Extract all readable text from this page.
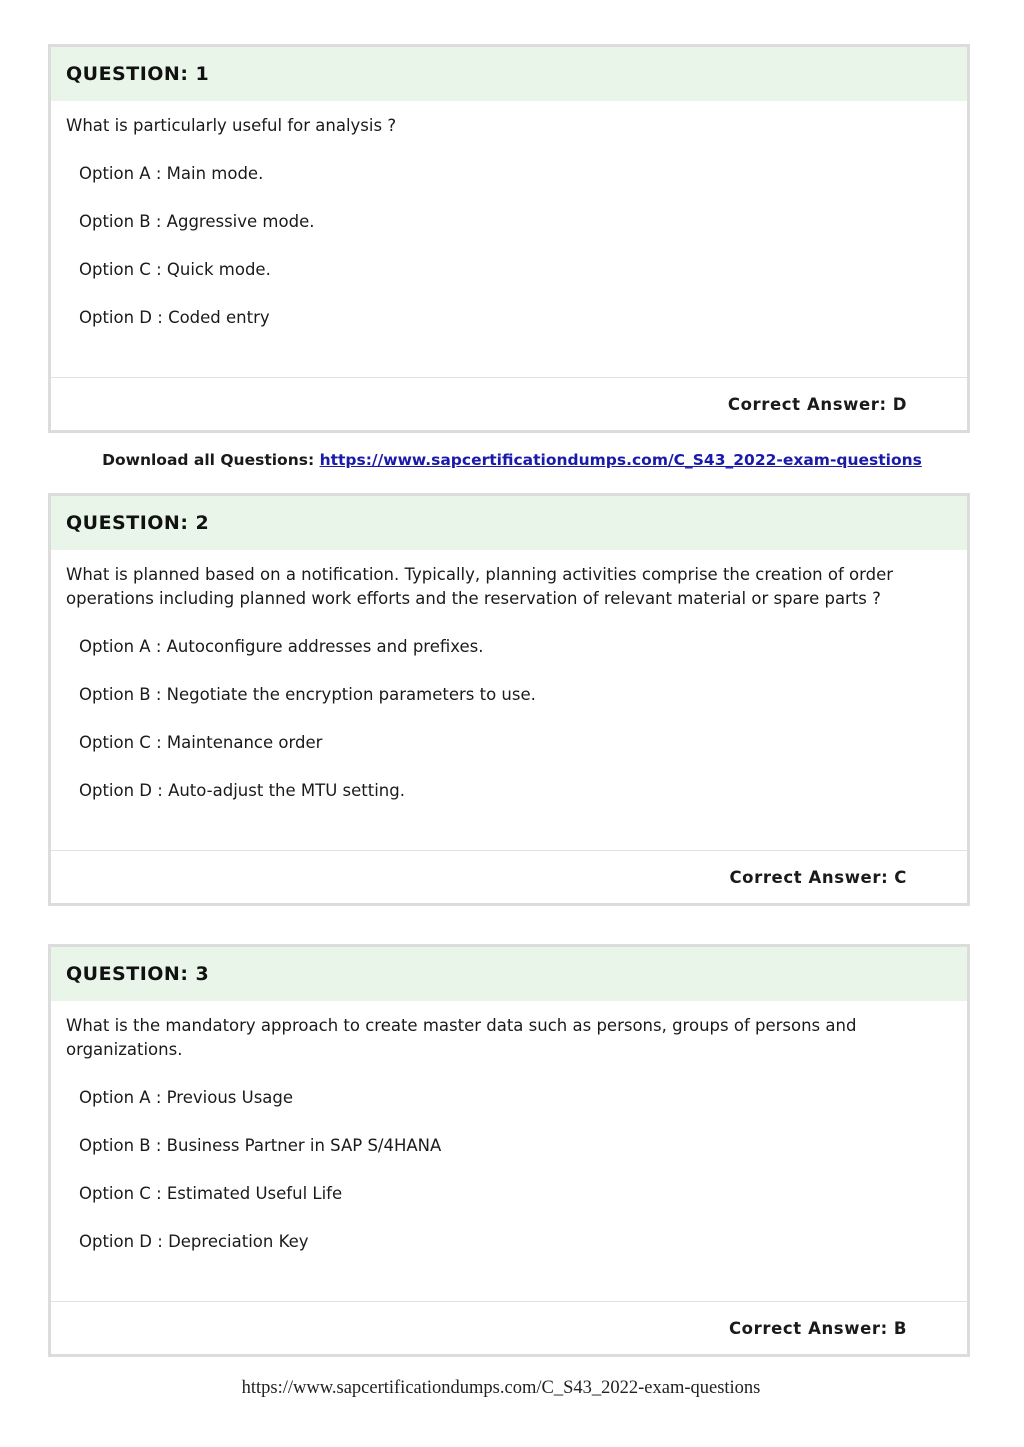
QUESTION: 1

What is particularly useful for analysis ?

Option A : Main mode.
Option B : Aggressive mode.
Option C : Quick mode.
Option D : Coded entry
Correct Answer: D
Download all Questions: https://www.sapcertificationdumps.com/C_S43_2022-exam-questions
QUESTION: 2

What is planned based on a notification. Typically, planning activities comprise the creation of order operations including planned work efforts and the reservation of relevant material or spare parts ?

Option A : Autoconfigure addresses and prefixes.
Option B : Negotiate the encryption parameters to use.
Option C : Maintenance order
Option D : Auto-adjust the MTU setting.
Correct Answer: C
QUESTION: 3

What is the mandatory approach to create master data such as persons, groups of persons and organizations.

Option A : Previous Usage
Option B : Business Partner in SAP S/4HANA
Option C : Estimated Useful Life
Option D : Depreciation Key
Correct Answer: B
https://www.sapcertificationdumps.com/C_S43_2022-exam-questions
